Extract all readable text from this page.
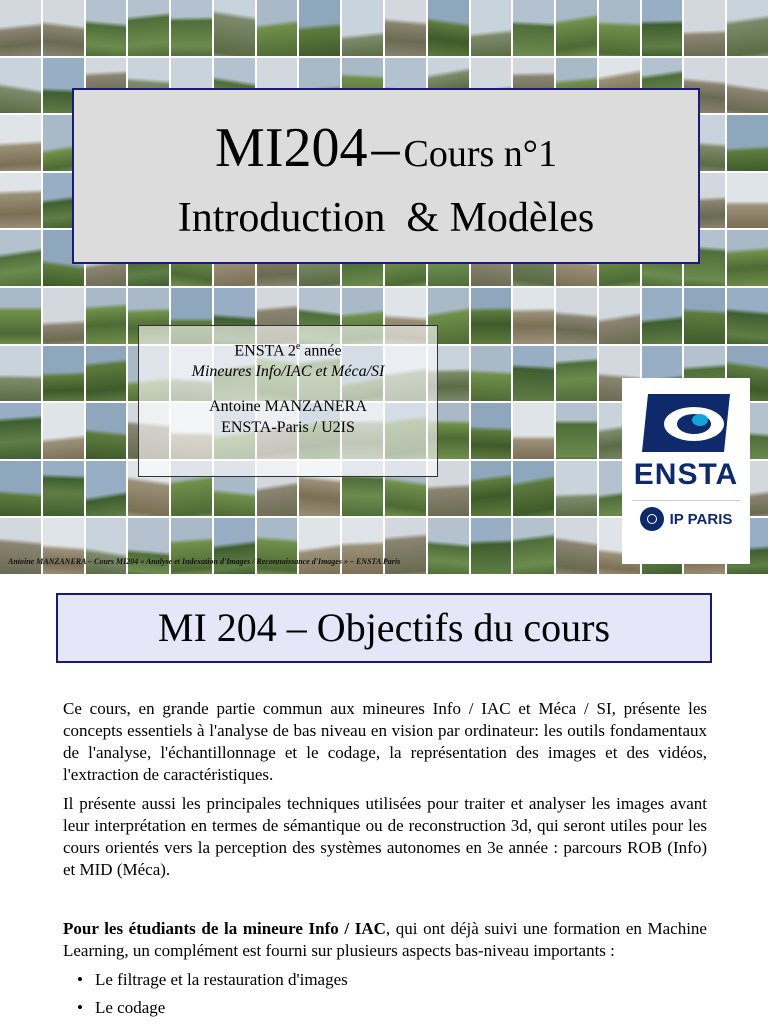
MI204 – Cours n°1
Introduction  & Modèles
ENSTA 2e année
Mineures Info/IAC et Méca/SI
Antoine MANZANERA
ENSTA-Paris / U2IS
ENSTA
IP PARIS
Antoine MANZANERA – Cours MI204 « Analyse et Indexation d'Images / Reconnaissance d'Images » – ENSTA Paris
MI 204 – Objectifs du cours

Ce cours, en grande partie commun aux mineures Info / IAC et Méca / SI, présente les concepts essentiels à l'analyse de bas niveau en vision par ordinateur: les outils fondamentaux de l'analyse, l'échantillonnage et le codage, la représentation des images et des vidéos, l'extraction de caractéristiques.

Il présente aussi les principales techniques utilisées pour traiter et analyser les images avant leur interprétation en termes de sémantique ou de reconstruction 3d, qui seront utiles pour les cours orientés vers la perception des systèmes autonomes en 3e année : parcours ROB (Info) et MID (Méca).

Pour les étudiants de la mineure Info / IAC, qui ont déjà suivi une formation en Machine Learning, un complément est fourni sur plusieurs aspects bas-niveau importants :

• Le filtrage et la restauration d'images
• Le codage
